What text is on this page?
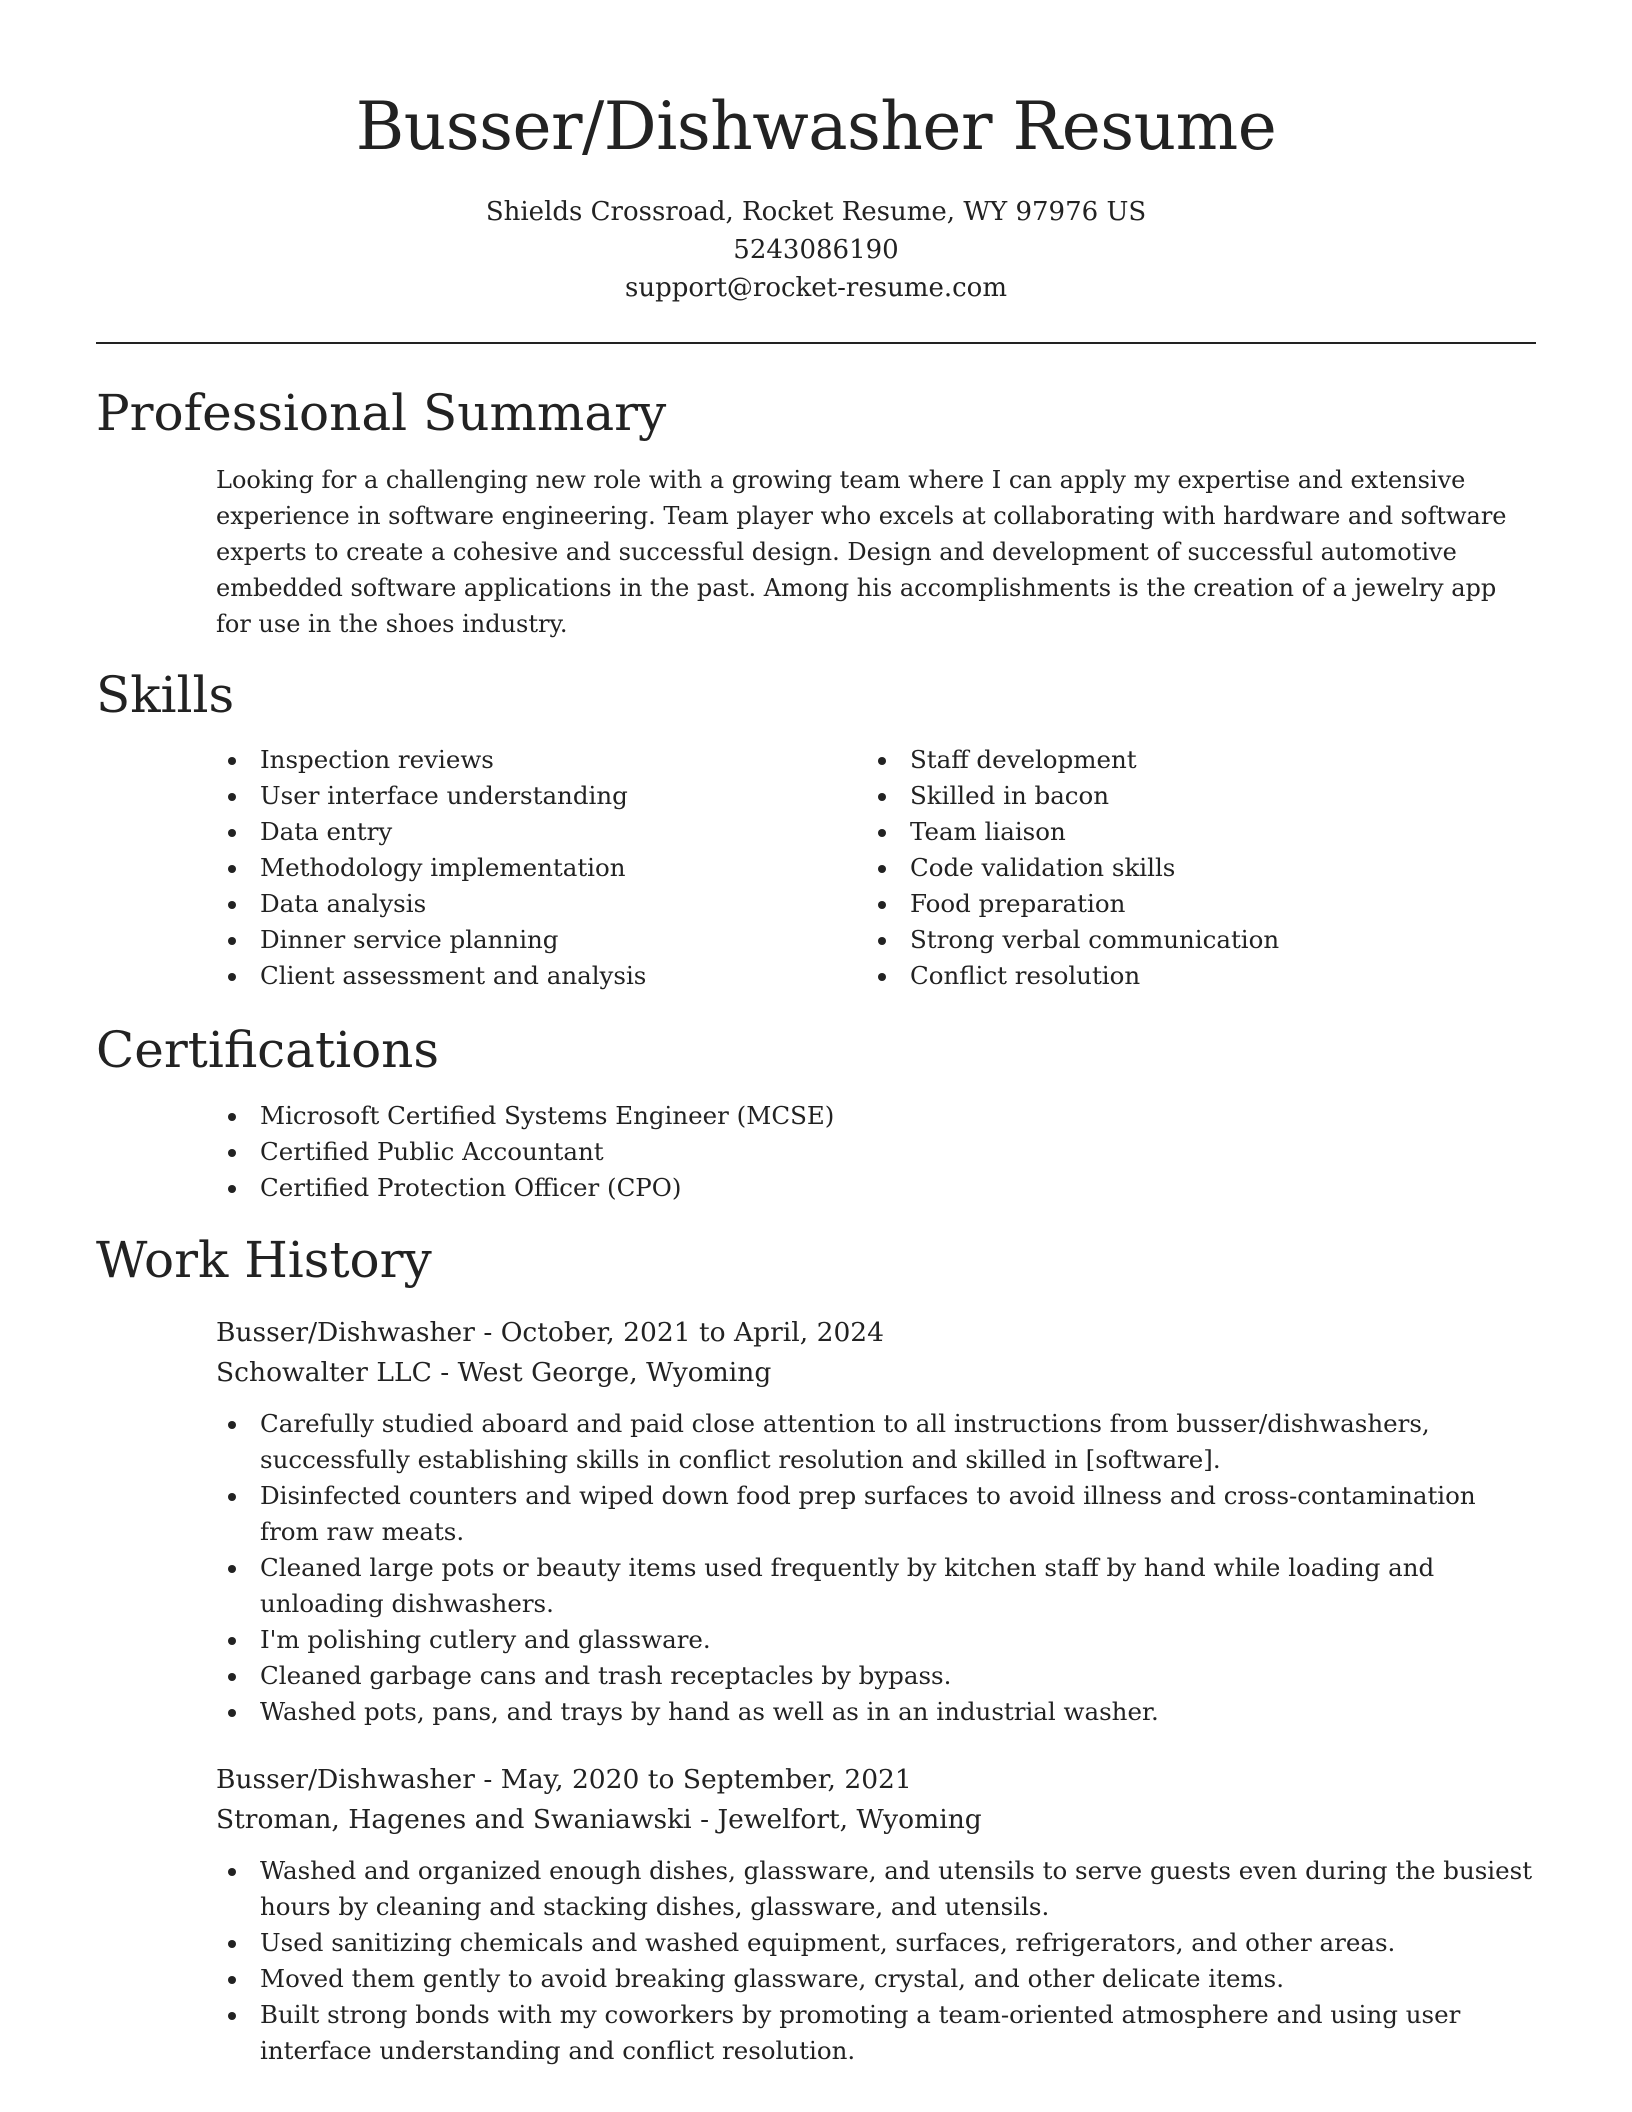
Busser/Dishwasher Resume
Shields Crossroad, Rocket Resume, WY 97976 US
5243086190
support@rocket-resume.com
Professional Summary

Looking for a challenging new role with a growing team where I can apply my expertise and extensive experience in software engineering. Team player who excels at collaborating with hardware and software experts to create a cohesive and successful design. Design and development of successful automotive embedded software applications in the past. Among his accomplishments is the creation of a jewelry app for use in the shoes industry.

Skills
Inspection reviews
User interface understanding
Data entry
Methodology implementation
Data analysis
Dinner service planning
Client assessment and analysis
Staff development
Skilled in bacon
Team liaison
Code validation skills
Food preparation
Strong verbal communication
Conflict resolution
Certifications
Microsoft Certified Systems Engineer (MCSE)
Certified Public Accountant
Certified Protection Officer (CPO)
Work History
Busser/Dishwasher - October, 2021 to April, 2024
Schowalter LLC - West George, Wyoming
Carefully studied aboard and paid close attention to all instructions from busser/dishwashers, successfully establishing skills in conflict resolution and skilled in [software].
Disinfected counters and wiped down food prep surfaces to avoid illness and cross-contamination from raw meats.
Cleaned large pots or beauty items used frequently by kitchen staff by hand while loading and unloading dishwashers.
I'm polishing cutlery and glassware.
Cleaned garbage cans and trash receptacles by bypass.
Washed pots, pans, and trays by hand as well as in an industrial washer.
Busser/Dishwasher - May, 2020 to September, 2021
Stroman, Hagenes and Swaniawski - Jewelfort, Wyoming
Washed and organized enough dishes, glassware, and utensils to serve guests even during the busiest hours by cleaning and stacking dishes, glassware, and utensils.
Used sanitizing chemicals and washed equipment, surfaces, refrigerators, and other areas.
Moved them gently to avoid breaking glassware, crystal, and other delicate items.
Built strong bonds with my coworkers by promoting a team-oriented atmosphere and using user interface understanding and conflict resolution.
